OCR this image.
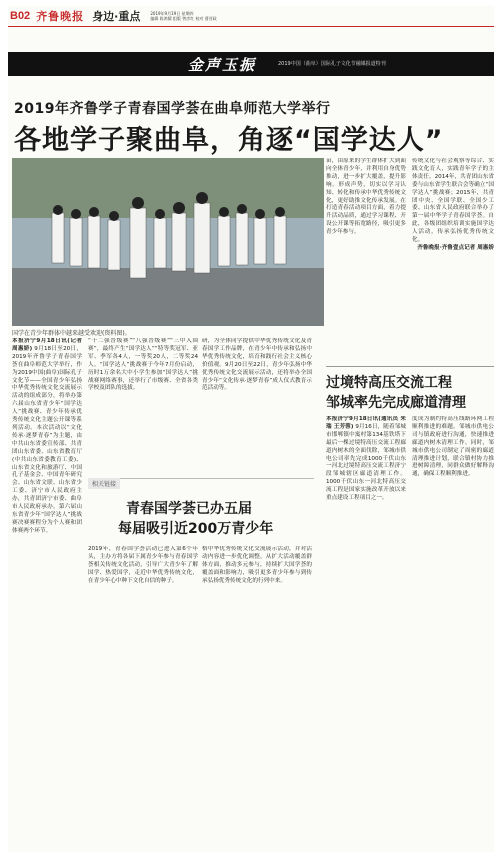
B02 齐鲁晚报 身边·重点	2019年9月19日 星期四
编辑 陈鸿儒 组版 曾彦红 校对 曹晋政
金声玉振	2019中国（曲阜）国际孔子文化节融媒报道特刊
2019年齐鲁学子青春国学荟在曲阜师范大学举行
各地学子聚曲阜，角逐“国学达人”
国学在青少年群体中越来越受欢迎(资料图)。
本报济宁9月18日讯(记者 周惠娇) 9月18日至20日，2019年齐鲁学子青春国学荟在曲阜师范大学举行，作为2019中国(曲阜)国际孔子文化节——全国青少年弘扬中华优秀传统文化交流展示活动的组成部分，将举办第六届山东省青少年“国学达人”挑战赛、青少年传承优秀传统文化主题公开课等系列活动。本次活动以“文化传承·逐梦青春”为主题，由中共山东省委宣传部、共青团山东省委、山东省教育厅(中共山东省委教育工委)、山东省文化和旅游厅、中国孔子基金会、中国青年研究会、山东省文联、山东省少工委、济宁市人民政府主办，共青团济宁市委、曲阜市人民政府承办。第六届山东省青少年“国学达人”挑战赛决赛赛程分为个人赛和团体赛两个环节。
“十二强晋级赛”“八强晋级赛”“三甲入围赛”，最终产生“国学达人”“特等奖冠军、亚军、季军各4人，一等奖20人，二等奖24人。“国学达人”挑战赛于今年7月份启动，历时1万余名大中小学生参加“国学达人”挑战赛网络赛事，还举行了市级赛、全省各类学校及团队的选拔。
研，为全体同学提供中华优秀传统文化及青春国学工作品牌，在青少年中传承和弘扬中华优秀传统文化，培育和践行社会主义核心价值观。9月20日至22日，青少年弘扬中华优秀传统文化交流展示活动，还将举办全国青少年“文化传承·逐梦青春”成人仪式教育示范活动等。
亩，由原来的学生群体扩大到面向全体青少年，并利用自身优势推动，进一步扩大覆盖，提升影响。形成声势，切实以学习认知、转化和传承中华优秀传统文化，更好助推文化传承发展。在打造青春活动项目方面，着力提升活动品质，通过学习课程、开设公开课等拓宽路径，吸引更多青少年参与。
传统文化与社会观察等综合、实践文化育人，实践青年学子的主体责任。2014年，共青团山东省委与山东省学生联合会等确立“国学达人”挑战赛；2015年，共青团中央、全国学联、全国少工委、山东省人民政府联合举办了第一届中华学子青春国学荟。自此，各级团组织培训实施国学达人活动，传承弘扬优秀传统文化。
齐鲁晚报·齐鲁壹点记者 周惠娇
相关链接
青春国学荟已办五届
每届吸引近200万青少年
2019年，青春国学荟活动已进入第6个年头，主办方将各届下属青少年参与青春国学荟相关传统文化活动，引导广大青少年了解国学、热爱国学，走近中华优秀传统文化，在青少年心中种下文化自信的种子。
格中华优秀传统文化交流展示活动，并对活动内容进一步优化调整。从扩大活动覆盖群体方面，推动多元参与，持续扩大国学荟的覆盖面和影响力，吸引更多青少年参与到传承弘扬优秀传统文化的行列中来。
过境特高压交流工程
邹城率先完成廊道清理
本报济宁9月18日讯(通讯员 朱瑞 王芳蓉) 9月16日，随着邹城市邯郸镇中寓村第134基铁塔下最后一棵过境特高压交流工程廊道内树木的全面伐除，邹城市供电公司率先完成1000千伏山东一河北过境特高压交流工程济宁段邹城辖区廊道清理工作。1000千伏山东一河北特高压交流工程是国家实施改革开放以来重点建设工程项目之一。
度成为制约特高压线路环网工程顺利推进的难题。邹城市供电公司与镇政府进行沟通，快速推进廊道内树木清理工作。同时，邹城市供电公司制定了周密的廊道清理推进计划，联合镇村协力推进树障清理，同群众做好解释沟通，确保工程顺利推进。
